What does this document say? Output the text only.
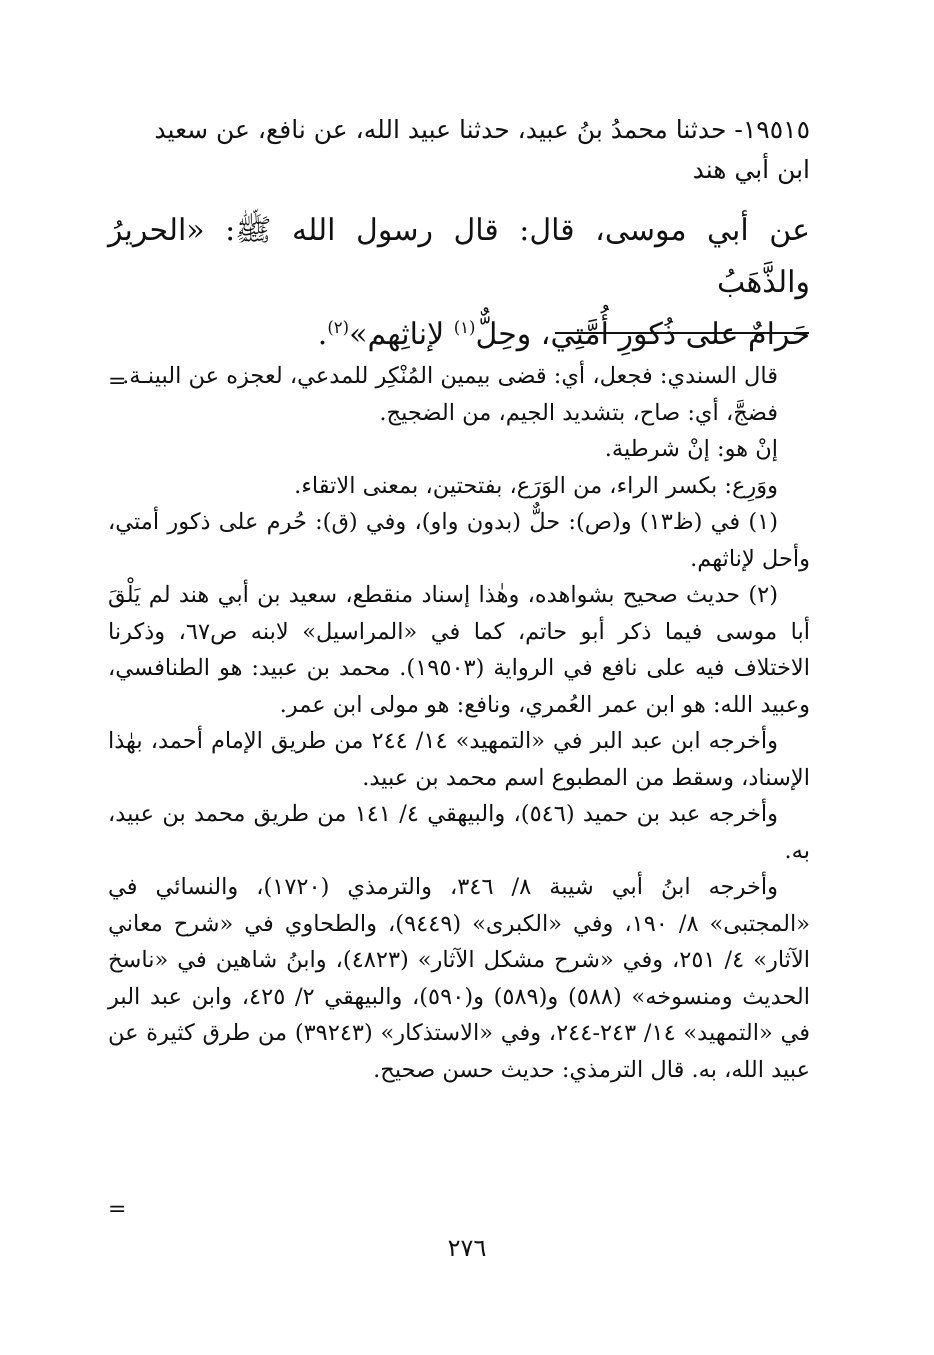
١٩٥١٥- حدثنا محمدُ بنُ عبيد، حدثنا عبيد الله، عن نافع، عن سعيد

ابن أبي هند

عن أبي موسى، قال: قال رسول الله ﷺ: «الحريرُ والذَّهَبُ

حَرامٌ على ذُكورِ أُمَّتِي، وحِلٌّ$^{(١)}$ لإناثِهم»$^{(٢)}$.

=

قال السندي: فجعل، أي: قضى بيمين المُنْكِر للمدعي، لعجزه عن البينـة.

فضجَّ، أي: صاح، بتشديد الجيم، من الضجيج.

إنْ هو: إنْ شرطية.

ووَرِع: بكسر الراء، من الوَرَع، بفتحتين، بمعنى الاتقاء.

(١) في (ظ١٣) و(ص): حلٌّ (بدون واو)، وفي (ق): حُرم على ذكور أمتي، وأحل لإناثهم.

(٢) حديث صحيح بشواهده، وهٰذا إسناد منقطع، سعيد بن أبي هند لم يَلْقَ أبا موسى فيما ذكر أبو حاتم، كما في «المراسيل» لابنه ص٦٧، وذكرنا الاختلاف فيه على نافع في الرواية (١٩٥٠٣). محمد بن عبيد: هو الطنافسي، وعبيد الله: هو ابن عمر العُمري، ونافع: هو مولى ابن عمر.

وأخرجه ابن عبد البر في «التمهيد» ١٤/ ٢٤٤ من طريق الإمام أحمد، بهٰذا الإسناد، وسقط من المطبوع اسم محمد بن عبيد.

وأخرجه عبد بن حميد (٥٤٦)، والبيهقي ٤/ ١٤١ من طريق محمد بن عبيد، به.

وأخرجه ابنُ أبي شيبة ٨/ ٣٤٦، والترمذي (١٧٢٠)، والنسائي في «المجتبى» ٨/ ١٩٠، وفي «الكبرى» (٩٤٤٩)، والطحاوي في «شرح معاني الآثار» ٤/ ٢٥١، وفي «شرح مشكل الآثار» (٤٨٢٣)، وابنُ شاهين في «ناسخ الحديث ومنسوخه» (٥٨٨) و(٥٨٩) و(٥٩٠)، والبيهقي ٢/ ٤٢٥، وابن عبد البر في «التمهيد» ١٤/ ٢٤٣-٢٤٤، وفي «الاستذكار» (٣٩٢٤٣) من طرق كثيرة عن عبيد الله، به. قال الترمذي: حديث حسن صحيح.

=
٢٧٦
